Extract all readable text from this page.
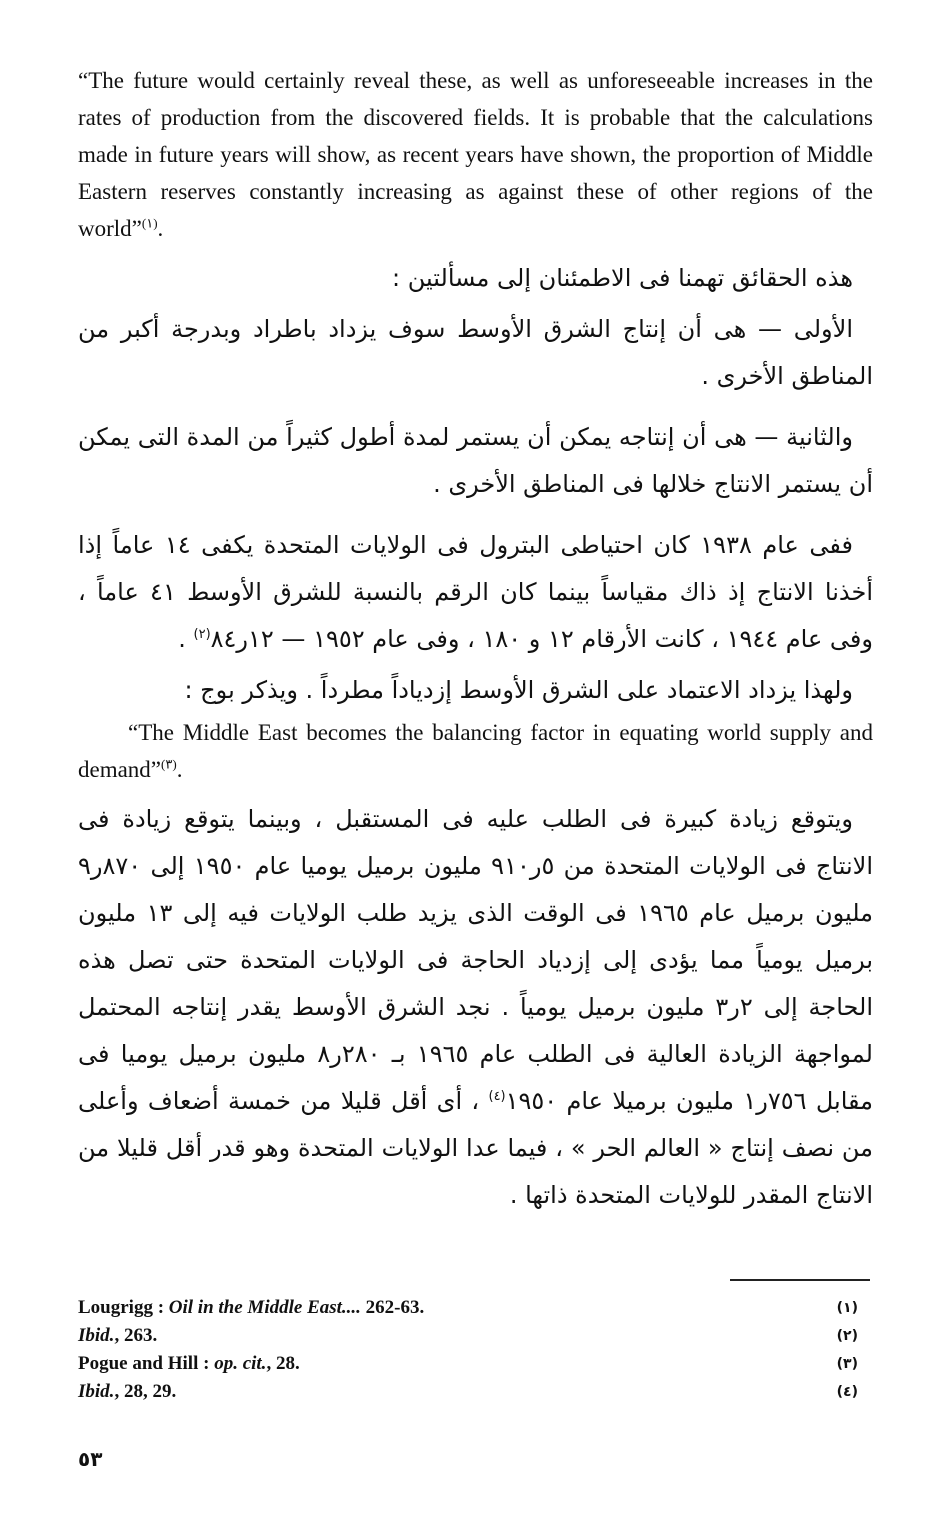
“The future would certainly reveal these, as well as unforeseeable increases in the rates of production from the discovered fields. It is probable that the calculations made in future years will show, as recent years have shown, the proportion of Middle Eastern reserves constantly increasing as against these of other regions of the world”$^{(١)}$.

هذه الحقائق تهمنا فى الاطمئنان إلى مسألتين :

الأولى — هى أن إنتاج الشرق الأوسط سوف يزداد باطراد وبدرجة أكبر من المناطق الأخرى .

والثانية — هى أن إنتاجه يمكن أن يستمر لمدة أطول كثيراً من المدة التى يمكن أن يستمر الانتاج خلالها فى المناطق الأخرى .

ففى عام ١٩٣٨ كان احتياطى البترول فى الولايات المتحدة يكفى ١٤ عاماً إذا أخذنا الانتاج إذ ذاك مقياساً بينما كان الرقم بالنسبة للشرق الأوسط ٤١ عاماً ، وفى عام ١٩٤٤ ، كانت الأرقام ١٢ و ١٨٠ ، وفى عام ١٩٥٢ — ١٢ر٨٤$^{(٢)}$ .

ولهذا يزداد الاعتماد على الشرق الأوسط إزدياداً مطرداً . ويذكر بوج :

“The Middle East becomes the balancing factor in equating world supply and demand”$^{(٣)}$.

ويتوقع زيادة كبيرة فى الطلب عليه فى المستقبل ، وبينما يتوقع زيادة فى الانتاج فى الولايات المتحدة من ٥ر٩١٠ مليون برميل يوميا عام ١٩٥٠ إلى ٨٧٠ر٩ مليون برميل عام ١٩٦٥ فى الوقت الذى يزيد طلب الولايات فيه إلى ١٣ مليون برميل يومياً مما يؤدى إلى إزدياد الحاجة فى الولايات المتحدة حتى تصل هذه الحاجة إلى ٢ر٣ مليون برميل يومياً . نجد الشرق الأوسط يقدر إنتاجه المحتمل لمواجهة الزيادة العالية فى الطلب عام ١٩٦٥ بـ ٢٨٠ر٨ مليون برميل يوميا فى مقابل ٧٥٦ر١ مليون برميلا عام ١٩٥٠$^{(٤)}$ ، أى أقل قليلا من خمسة أضعاف وأعلى من نصف إنتاج « العالم الحر » ، فيما عدا الولايات المتحدة وهو قدر أقل قليلا من الانتاج المقدر للولايات المتحدة ذاتها .

Lougrigg : Oil in the Middle East.... 262-63.	(١)
Ibid., 263.	(٢)
Pogue and Hill : op. cit., 28.	(٣)
Ibid., 28, 29.	(٤)
٥٣
